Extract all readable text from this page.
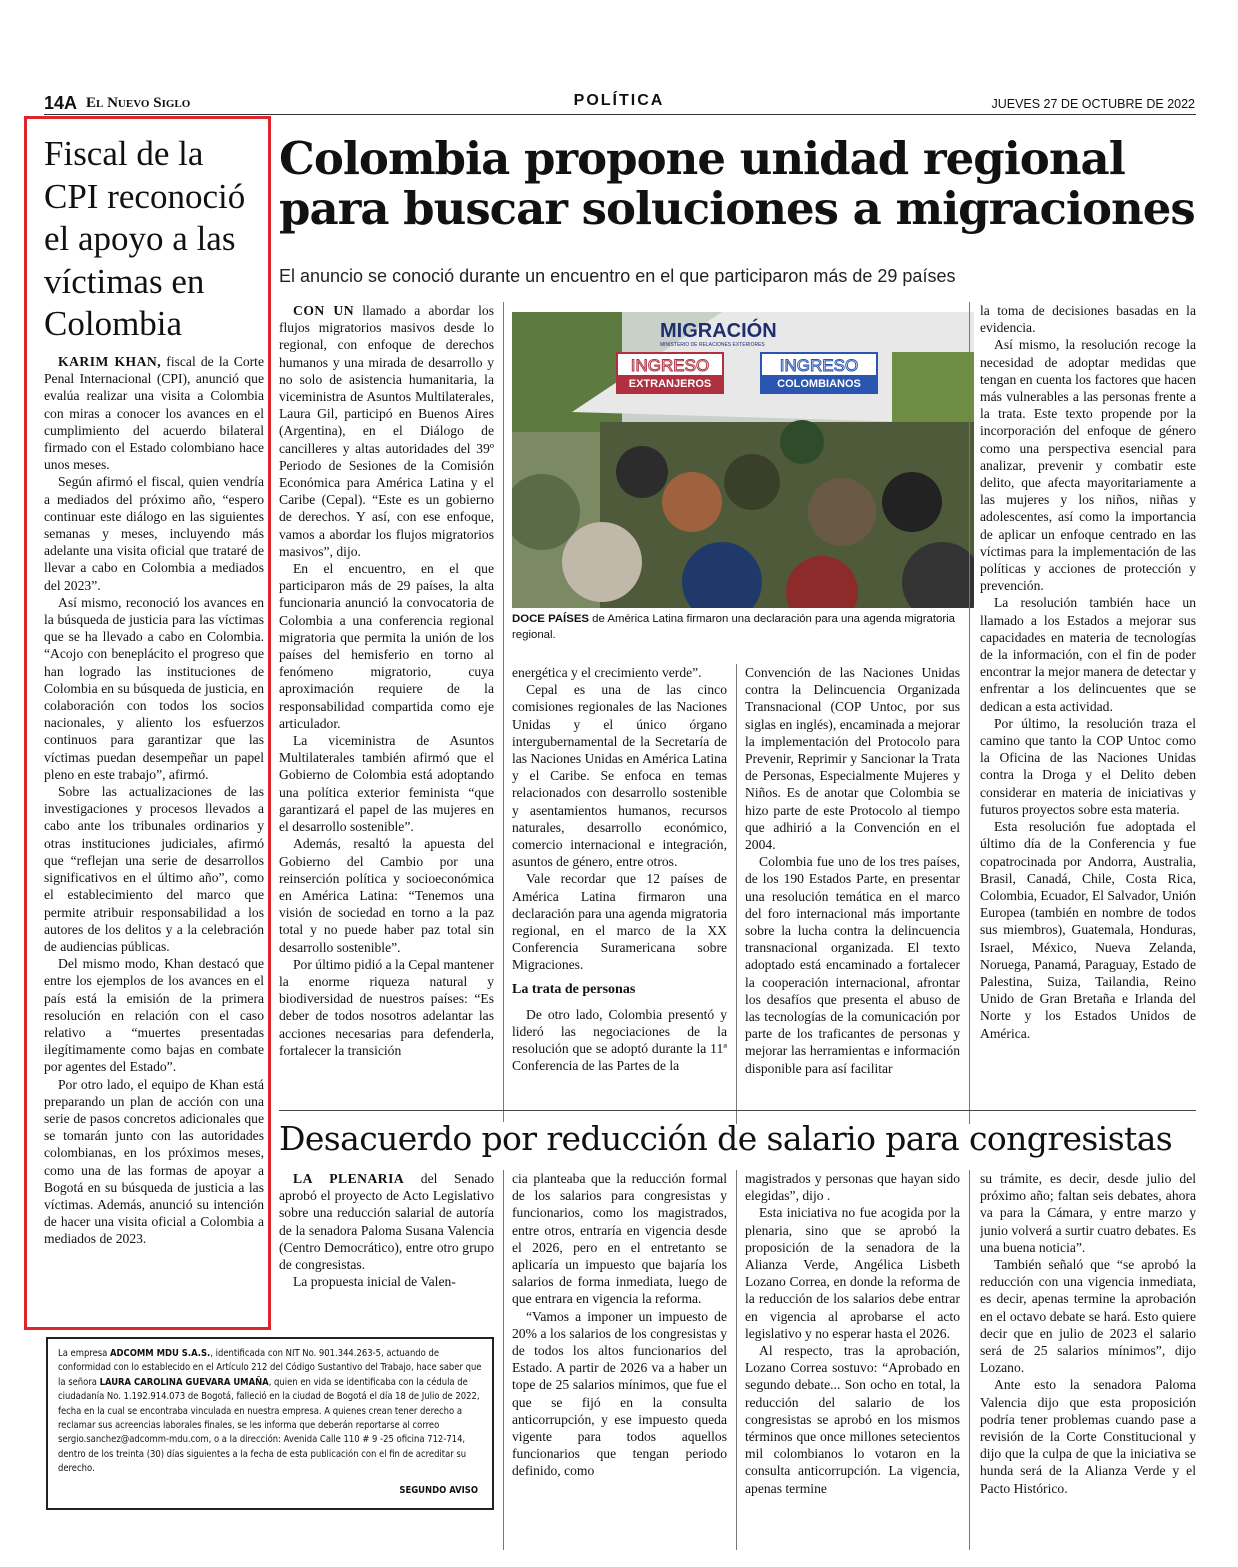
14A El Nuevo Siglo	POLÍTICA	JUEVES 27 DE OCTUBRE DE 2022
Fiscal de la CPI reconoció el apoyo a las víctimas en Colombia

KARIM KHAN, fiscal de la Corte Penal Internacional (CPI), anunció que evalúa realizar una visita a Colombia con miras a conocer los avances en el cumplimiento del acuerdo bilateral firmado con el Estado colombiano hace unos meses.

Según afirmó el fiscal, quien vendría a mediados del próximo año, “espero continuar este diálogo en las siguientes semanas y meses, incluyendo más adelante una visita oficial que trataré de llevar a cabo en Colombia a mediados del 2023”.

Así mismo, reconoció los avances en la búsqueda de justicia para las víctimas que se ha llevado a cabo en Colombia. “Acojo con beneplácito el progreso que han logrado las instituciones de Colombia en su búsqueda de justicia, en colaboración con todos los socios nacionales, y aliento los esfuerzos continuos para garantizar que las víctimas puedan desempeñar un papel pleno en este trabajo”, afirmó.

Sobre las actualizaciones de las investigaciones y procesos llevados a cabo ante los tribunales ordinarios y otras instituciones judiciales, afirmó que “reflejan una serie de desarrollos significativos en el último año”, como el establecimiento del marco que permite atribuir responsabilidad a los autores de los delitos y a la celebración de audiencias públicas.

Del mismo modo, Khan destacó que entre los ejemplos de los avances en el país está la emisión de la primera resolución en relación con el caso relativo a “muertes presentadas ilegítimamente como bajas en combate por agentes del Estado”.

Por otro lado, el equipo de Khan está preparando un plan de acción con una serie de pasos concretos adicionales que se tomarán junto con las autoridades colombianas, en los próximos meses, como una de las formas de apoyar a Bogotá en su búsqueda de justicia a las víctimas. Además, anunció su intención de hacer una visita oficial a Colombia a mediados de 2023.

Colombia propone unidad regional para buscar soluciones a migraciones
El anuncio se conoció durante un encuentro en el que participaron más de 29 países

CON UN llamado a abordar los flujos migratorios masivos desde lo regional, con enfoque de derechos humanos y una mirada de desarrollo y no solo de asistencia humanitaria, la viceministra de Asuntos Multilaterales, Laura Gil, participó en Buenos Aires (Argentina), en el Diálogo de cancilleres y altas autoridades del 39º Periodo de Sesiones de la Comisión Económica para América Latina y el Caribe (Cepal). “Este es un gobierno de derechos. Y así, con ese enfoque, vamos a abordar los flujos migratorios masivos”, dijo.

En el encuentro, en el que participaron más de 29 países, la alta funcionaria anunció la convocatoria de Colombia a una conferencia regional migratoria que permita la unión de los países del hemisferio en torno al fenómeno migratorio, cuya aproximación requiere de la responsabilidad compartida como eje articulador.

La viceministra de Asuntos Multilaterales también afirmó que el Gobierno de Colombia está adoptando una política exterior feminista “que garantizará el papel de las mujeres en el desarrollo sostenible”.

Además, resaltó la apuesta del Gobierno del Cambio por una reinserción política y socioeconómica en América Latina: “Tenemos una visión de sociedad en torno a la paz total y no puede haber paz total sin desarrollo sostenible”.

Por último pidió a la Cepal mantener la enorme riqueza natural y biodiversidad de nuestros países: “Es deber de todos nosotros adelantar las acciones necesarias para defenderla, fortalecer la transición

MIGRACIÓN
MINISTERIO DE RELACIONES EXTERIORES
INGRESO
EXTRANJEROS
INGRESO
COLOMBIANOS
DOCE PAÍSES de América Latina firmaron una declaración para una agenda migratoria regional.

energética y el crecimiento verde”.

Cepal es una de las cinco comisiones regionales de las Naciones Unidas y el único órgano intergubernamental de la Secretaría de las Naciones Unidas en América Latina y el Caribe. Se enfoca en temas relacionados con desarrollo sostenible y asentamientos humanos, recursos naturales, desarrollo económico, comercio internacional e integración, asuntos de género, entre otros.

Vale recordar que 12 países de América Latina firmaron una declaración para una agenda migratoria regional, en el marco de la XX Conferencia Suramericana sobre Migraciones.

La trata de personas

De otro lado, Colombia presentó y lideró las negociaciones de la resolución que se adoptó durante la 11ª Conferencia de las Partes de la

Convención de las Naciones Unidas contra la Delincuencia Organizada Transnacional (COP Untoc, por sus siglas en inglés), encaminada a mejorar la implementación del Protocolo para Prevenir, Reprimir y Sancionar la Trata de Personas, Especialmente Mujeres y Niños. Es de anotar que Colombia se hizo parte de este Protocolo al tiempo que adhirió a la Convención en el 2004.

Colombia fue uno de los tres países, de los 190 Estados Parte, en presentar una resolución temática en el marco del foro internacional más importante sobre la lucha contra la delincuencia transnacional organizada. El texto adoptado está encaminado a fortalecer la cooperación internacional, afrontar los desafíos que presenta el abuso de las tecnologías de la comunicación por parte de los traficantes de personas y mejorar las herramientas e información disponible para así facilitar

la toma de decisiones basadas en la evidencia.

Así mismo, la resolución recoge la necesidad de adoptar medidas que tengan en cuenta los factores que hacen más vulnerables a las personas frente a la trata. Este texto propende por la incorporación del enfoque de género como una perspectiva esencial para analizar, prevenir y combatir este delito, que afecta mayoritariamente a las mujeres y los niños, niñas y adolescentes, así como la importancia de aplicar un enfoque centrado en las víctimas para la implementación de las políticas y acciones de protección y prevención.

La resolución también hace un llamado a los Estados a mejorar sus capacidades en materia de tecnologías de la información, con el fin de poder encontrar la mejor manera de detectar y enfrentar a los delincuentes que se dedican a esta actividad.

Por último, la resolución traza el camino que tanto la COP Untoc como la Oficina de las Naciones Unidas contra la Droga y el Delito deben considerar en materia de iniciativas y futuros proyectos sobre esta materia.

Esta resolución fue adoptada el último día de la Conferencia y fue copatrocinada por Andorra, Australia, Brasil, Canadá, Chile, Costa Rica, Colombia, Ecuador, El Salvador, Unión Europea (también en nombre de todos sus miembros), Guatemala, Honduras, Israel, México, Nueva Zelanda, Noruega, Panamá, Paraguay, Estado de Palestina, Suiza, Tailandia, Reino Unido de Gran Bretaña e Irlanda del Norte y los Estados Unidos de América.

Desacuerdo por reducción de salario para congresistas

LA PLENARIA del Senado aprobó el proyecto de Acto Legislativo sobre una reducción salarial de autoría de la senadora Paloma Susana Valencia (Centro Democrático), entre otro grupo de congresistas.

La propuesta inicial de Valen-

cia planteaba que la reducción formal de los salarios para congresistas y funcionarios, como los magistrados, entre otros, entraría en vigencia desde el 2026, pero en el entretanto se aplicaría un impuesto que bajaría los salarios de forma inmediata, luego de que entrara en vigencia la reforma.

“Vamos a imponer un impuesto de 20% a los salarios de los congresistas y de todos los altos funcionarios del Estado. A partir de 2026 va a haber un tope de 25 salarios mínimos, que fue el que se fijó en la consulta anticorrupción, y ese impuesto queda vigente para todos aquellos funcionarios que tengan periodo definido, como

magistrados y personas que hayan sido elegidas”, dijo .

Esta iniciativa no fue acogida por la plenaria, sino que se aprobó la proposición de la senadora de la Alianza Verde, Angélica Lisbeth Lozano Correa, en donde la reforma de la reducción de los salarios debe entrar en vigencia al aprobarse el acto legislativo y no esperar hasta el 2026.

Al respecto, tras la aprobación, Lozano Correa sostuvo: “Aprobado en segundo debate... Son ocho en total, la reducción del salario de los congresistas se aprobó en los mismos términos que once millones setecientos mil colombianos lo votaron en la consulta anticorrupción. La vigencia, apenas termine

su trámite, es decir, desde julio del próximo año; faltan seis debates, ahora va para la Cámara, y entre marzo y junio volverá a surtir cuatro debates. Es una buena noticia”.

También señaló que “se aprobó la reducción con una vigencia inmediata, es decir, apenas termine la aprobación en el octavo debate se hará. Esto quiere decir que en julio de 2023 el salario será de 25 salarios mínimos”, dijo Lozano.

Ante esto la senadora Paloma Valencia dijo que esta proposición podría tener problemas cuando pase a revisión de la Corte Constitucional y dijo que la culpa de que la iniciativa se hunda será de la Alianza Verde y el Pacto Histórico.

La empresa ADCOMM MDU S.A.S., identificada con NIT No. 901.344.263-5, actuando de conformidad con lo establecido en el Artículo 212 del Código Sustantivo del Trabajo, hace saber que la señora LAURA CAROLINA GUEVARA UMAÑA, quien en vida se identificaba con la cédula de ciudadanía No. 1.192.914.073 de Bogotá, falleció en la ciudad de Bogotá el día 18 de Julio de 2022, fecha en la cual se encontraba vinculada en nuestra empresa. A quienes crean tener derecho a reclamar sus acreencias laborales finales, se les informa que deberán reportarse al correo sergio.sanchez@adcomm-mdu.com, o a la dirección: Avenida Calle 110 # 9 -25 oficina 712-714, dentro de los treinta (30) días siguientes a la fecha de esta publicación con el fin de acreditar su derecho.
SEGUNDO AVISO
